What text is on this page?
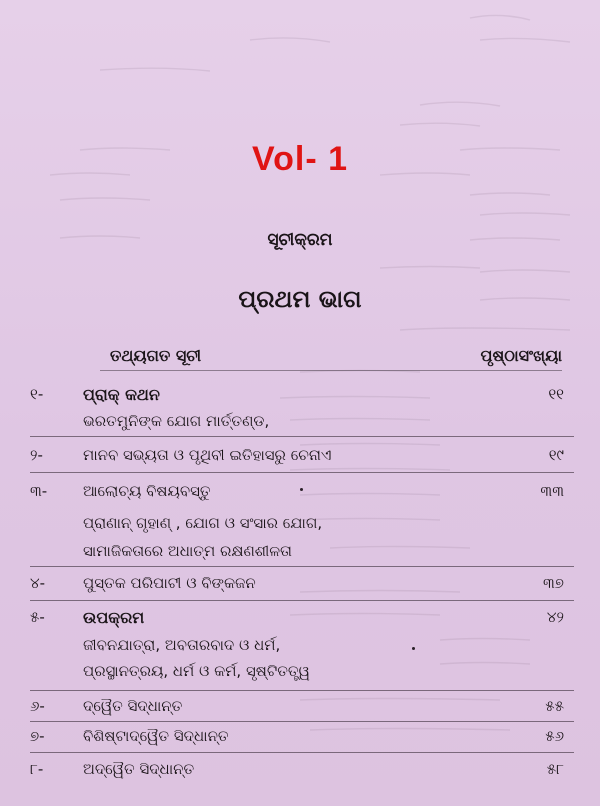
Vol- 1
ସୂଚୀକ୍ରମ
ପ୍ରଥମ ଭାଗ
ତଥ୍ୟଗତ ସୂଚୀ	ପୃଷ୍ଠାସଂଖ୍ୟା
୧-	ପ୍ରାକ୍ କଥନ	୧୧
ଭରତମୁନିଙ୍କ ଯୋଗ ମାର୍ତ୍ତଣ୍ଡ,
୨-	ମାନବ ସଭ୍ୟତା ଓ ପୃଥିବୀ ଇତିହାସରୁ ଚେନାଏ	୧୯
୩-	ଆଲୋଚ୍ୟ ବିଷୟବସ୍ତୁ	୩୩
ପ୍ରାଣାନ୍ ଗୃହାଣ୍ , ଯୋଗ ଓ ସଂସାର ଯୋଗ,
ସାମାଜିକତାରେ ଅଧାତ୍ମ ରକ୍ଷଣଶୀଳତା
୪-	ପୁସ୍ତକ ପରିପାଟୀ ଓ ବିଙ୍କଜନ	୩୭
୫-	ଉପକ୍ରମ	୪୨
ଜୀବନଯାତ୍ରା, ଅବତାରବାଦ ଓ ଧର୍ମ,
ପ୍ରସ୍ଥାନତ୍ରୟ, ଧର୍ମ ଓ କର୍ମ, ସୃଷ୍ଟିତତ୍ତ୍ୱ
୬-	ଦ୍ୱୈତ ସିଦ୍ଧାନ୍ତ	୫୫
୭-	ବିଶିଷ୍ଟାଦ୍ୱୈତ ସିଦ୍ଧାନ୍ତ	୫୬
୮-	ଅଦ୍ୱୈତ ସିଦ୍ଧାନ୍ତ	୫୮
